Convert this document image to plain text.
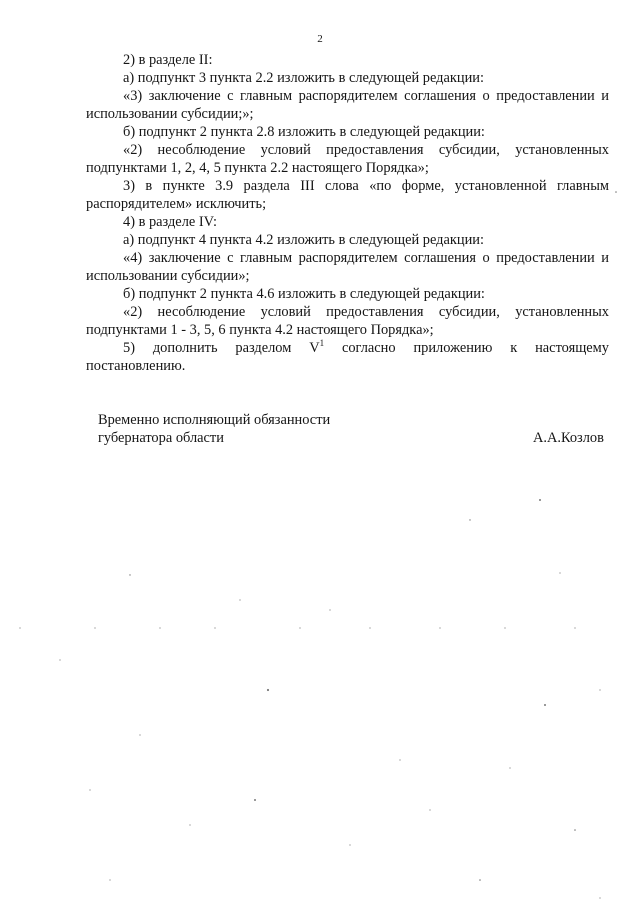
2

2) в разделе II:

а) подпункт 3 пункта 2.2 изложить в следующей редакции:

«3) заключение с главным распорядителем соглашения о предоставлении и использовании субсидии;»;

б) подпункт 2 пункта 2.8 изложить в следующей редакции:

«2) несоблюдение условий предоставления субсидии, установленных подпунктами 1, 2, 4, 5 пункта 2.2 настоящего Порядка»;

3) в пункте 3.9 раздела III слова «по форме, установленной главным распорядителем» исключить;

4) в разделе IV:

а) подпункт 4 пункта 4.2 изложить в следующей редакции:

«4) заключение с главным распорядителем соглашения о предоставлении и использовании субсидии»;

б) подпункт 2 пункта 4.6 изложить в следующей редакции:

«2) несоблюдение условий предоставления субсидии, установленных подпунктами 1 - 3, 5, 6 пункта 4.2 настоящего Порядка»;

5) дополнить разделом $V^1$ согласно приложению к настоящему постановлению.

Временно исполняющий обязанности
губернатора области	А.А.Козлов
